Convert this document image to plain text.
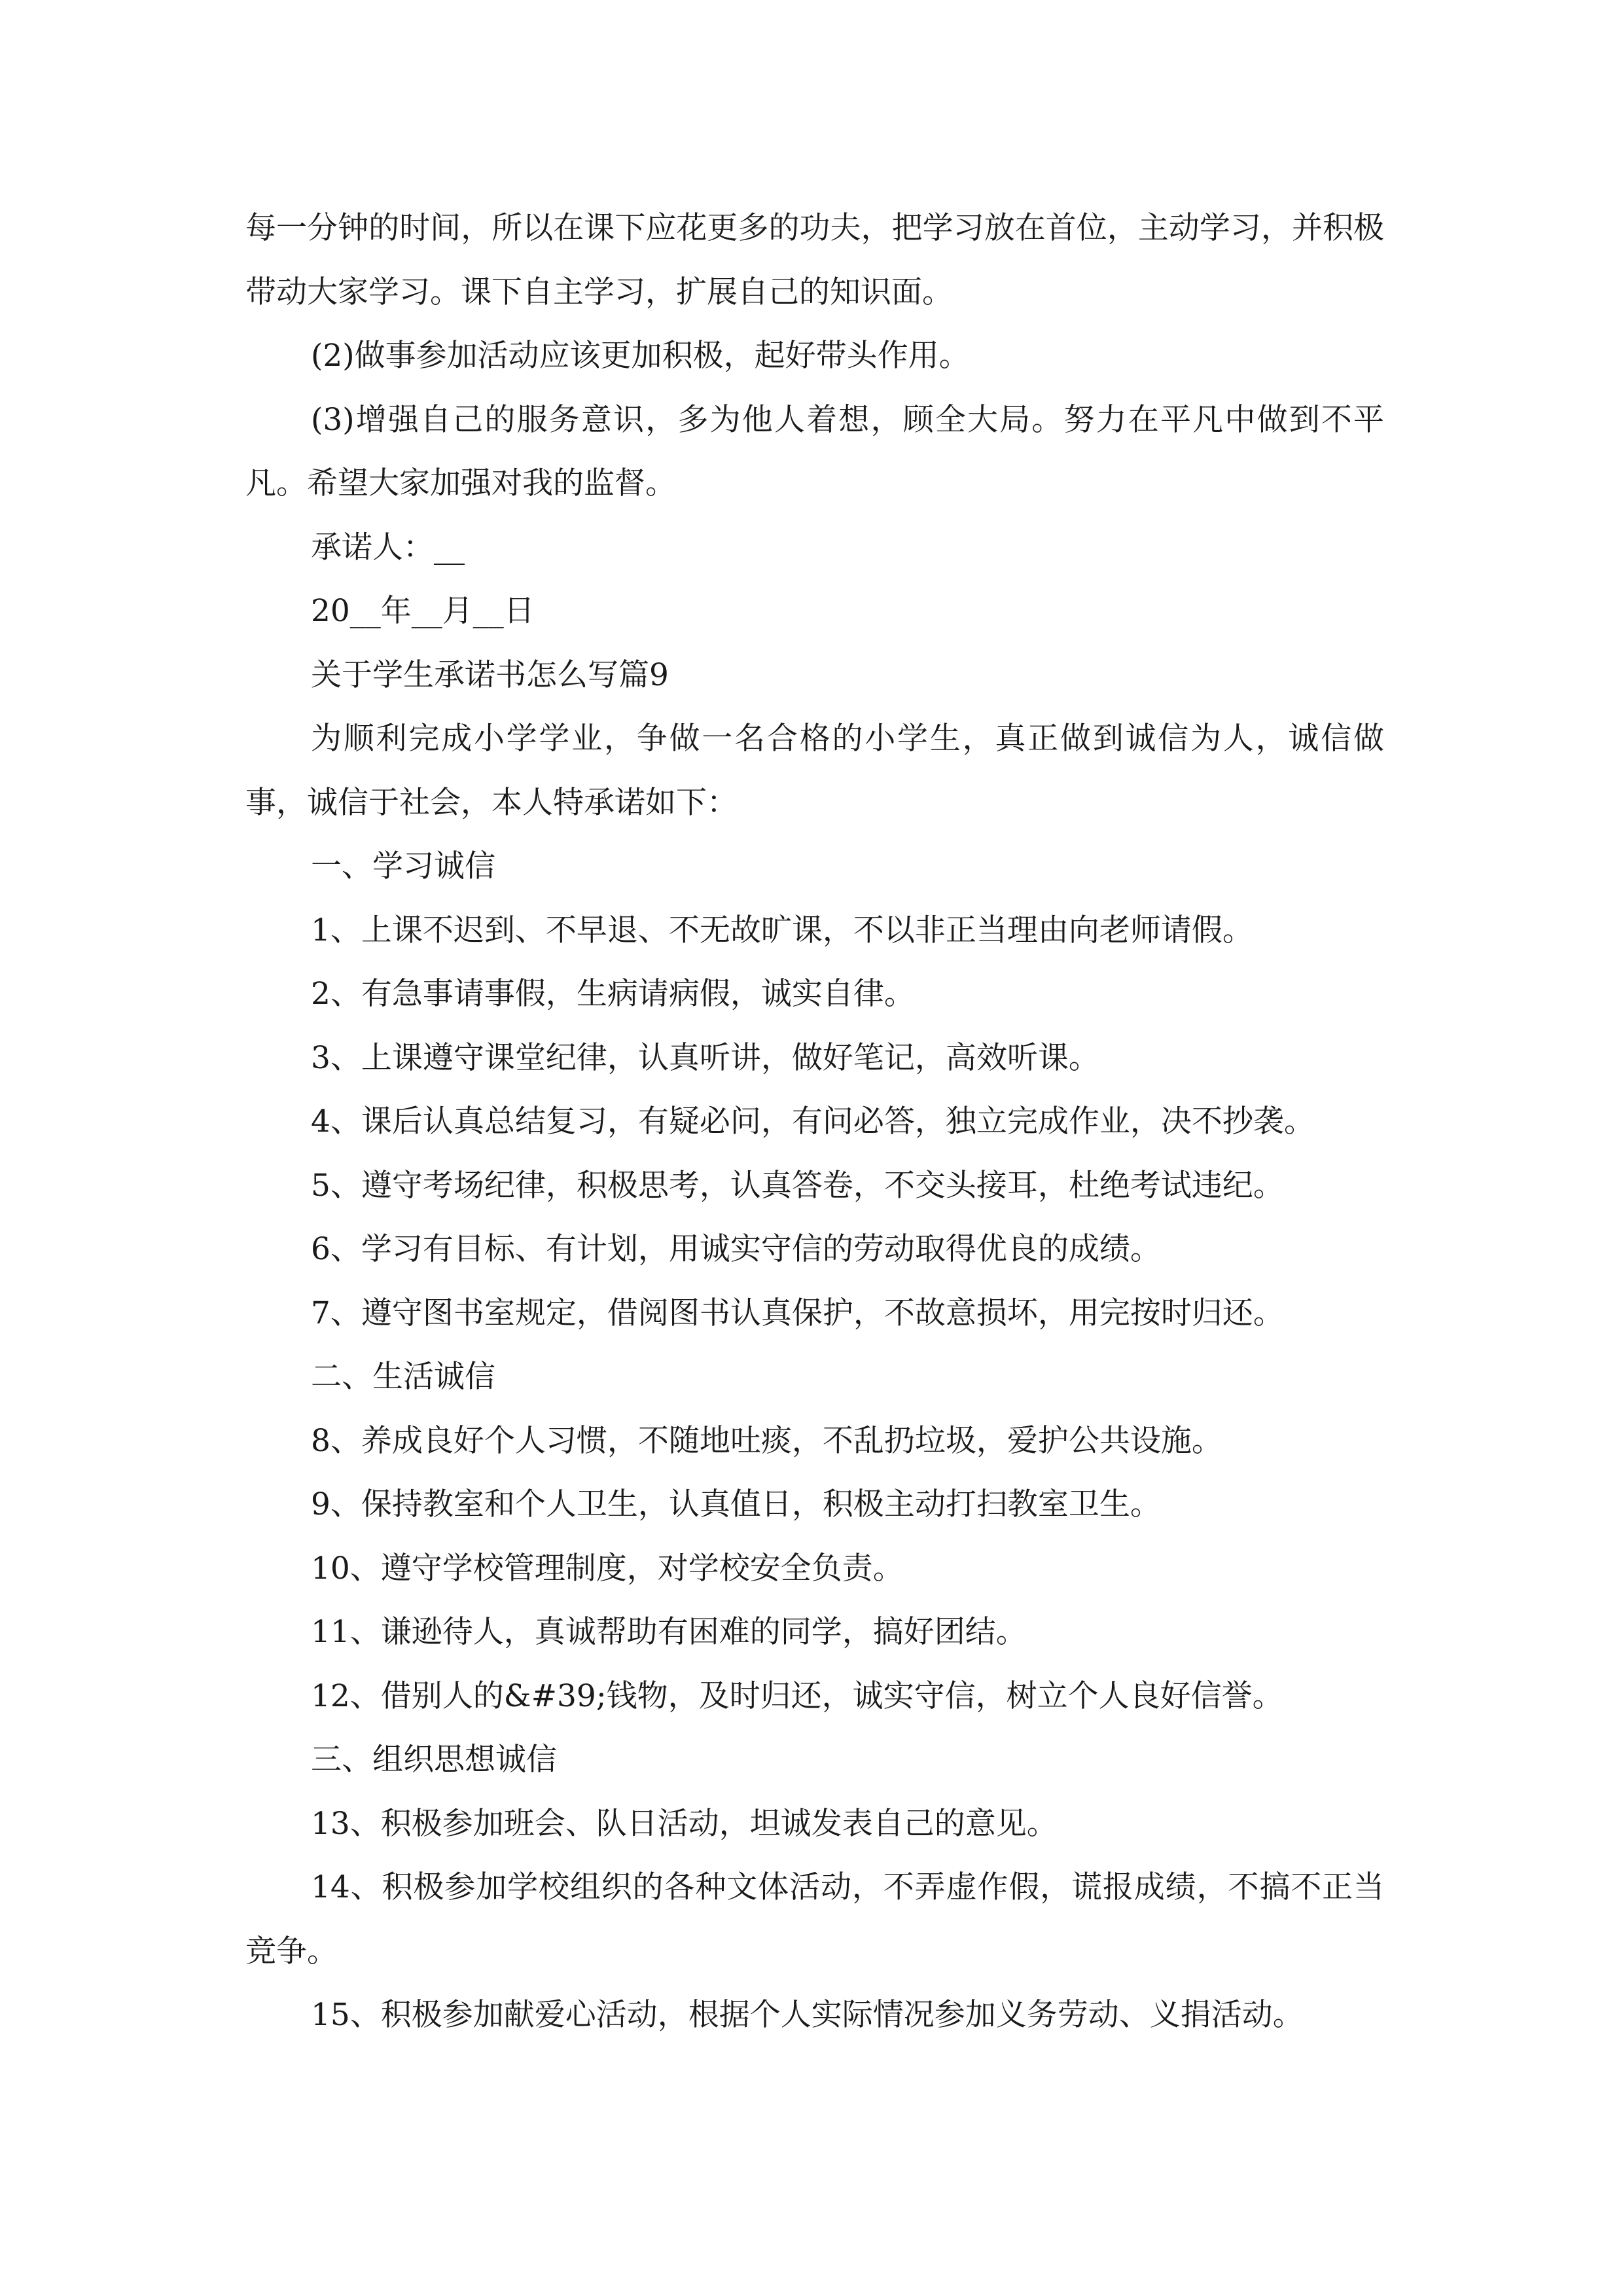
每一分钟的时间，所以在课下应花更多的功夫，把学习放在首位，主动学习，并积极带动大家学习。课下自主学习，扩展自己的知识面。

(2)做事参加活动应该更加积极，起好带头作用。

(3)增强自己的服务意识，多为他人着想，顾全大局。努力在平凡中做到不平凡。希望大家加强对我的监督。

承诺人：__

20__年__月__日

关于学生承诺书怎么写篇9

为顺利完成小学学业，争做一名合格的小学生，真正做到诚信为人，诚信做事，诚信于社会，本人特承诺如下：

一、学习诚信

1、上课不迟到、不早退、不无故旷课，不以非正当理由向老师请假。

2、有急事请事假，生病请病假，诚实自律。

3、上课遵守课堂纪律，认真听讲，做好笔记，高效听课。

4、课后认真总结复习，有疑必问，有问必答，独立完成作业，决不抄袭。

5、遵守考场纪律，积极思考，认真答卷，不交头接耳，杜绝考试违纪。

6、学习有目标、有计划，用诚实守信的劳动取得优良的成绩。

7、遵守图书室规定，借阅图书认真保护，不故意损坏，用完按时归还。

二、生活诚信

8、养成良好个人习惯，不随地吐痰，不乱扔垃圾，爱护公共设施。

9、保持教室和个人卫生，认真值日，积极主动打扫教室卫生。

10、遵守学校管理制度，对学校安全负责。

11、谦逊待人，真诚帮助有困难的同学，搞好团结。

12、借别人的&#39;钱物，及时归还，诚实守信，树立个人良好信誉。

三、组织思想诚信

13、积极参加班会、队日活动，坦诚发表自己的意见。

14、积极参加学校组织的各种文体活动，不弄虚作假，谎报成绩，不搞不正当竞争。

15、积极参加献爱心活动，根据个人实际情况参加义务劳动、义捐活动。
